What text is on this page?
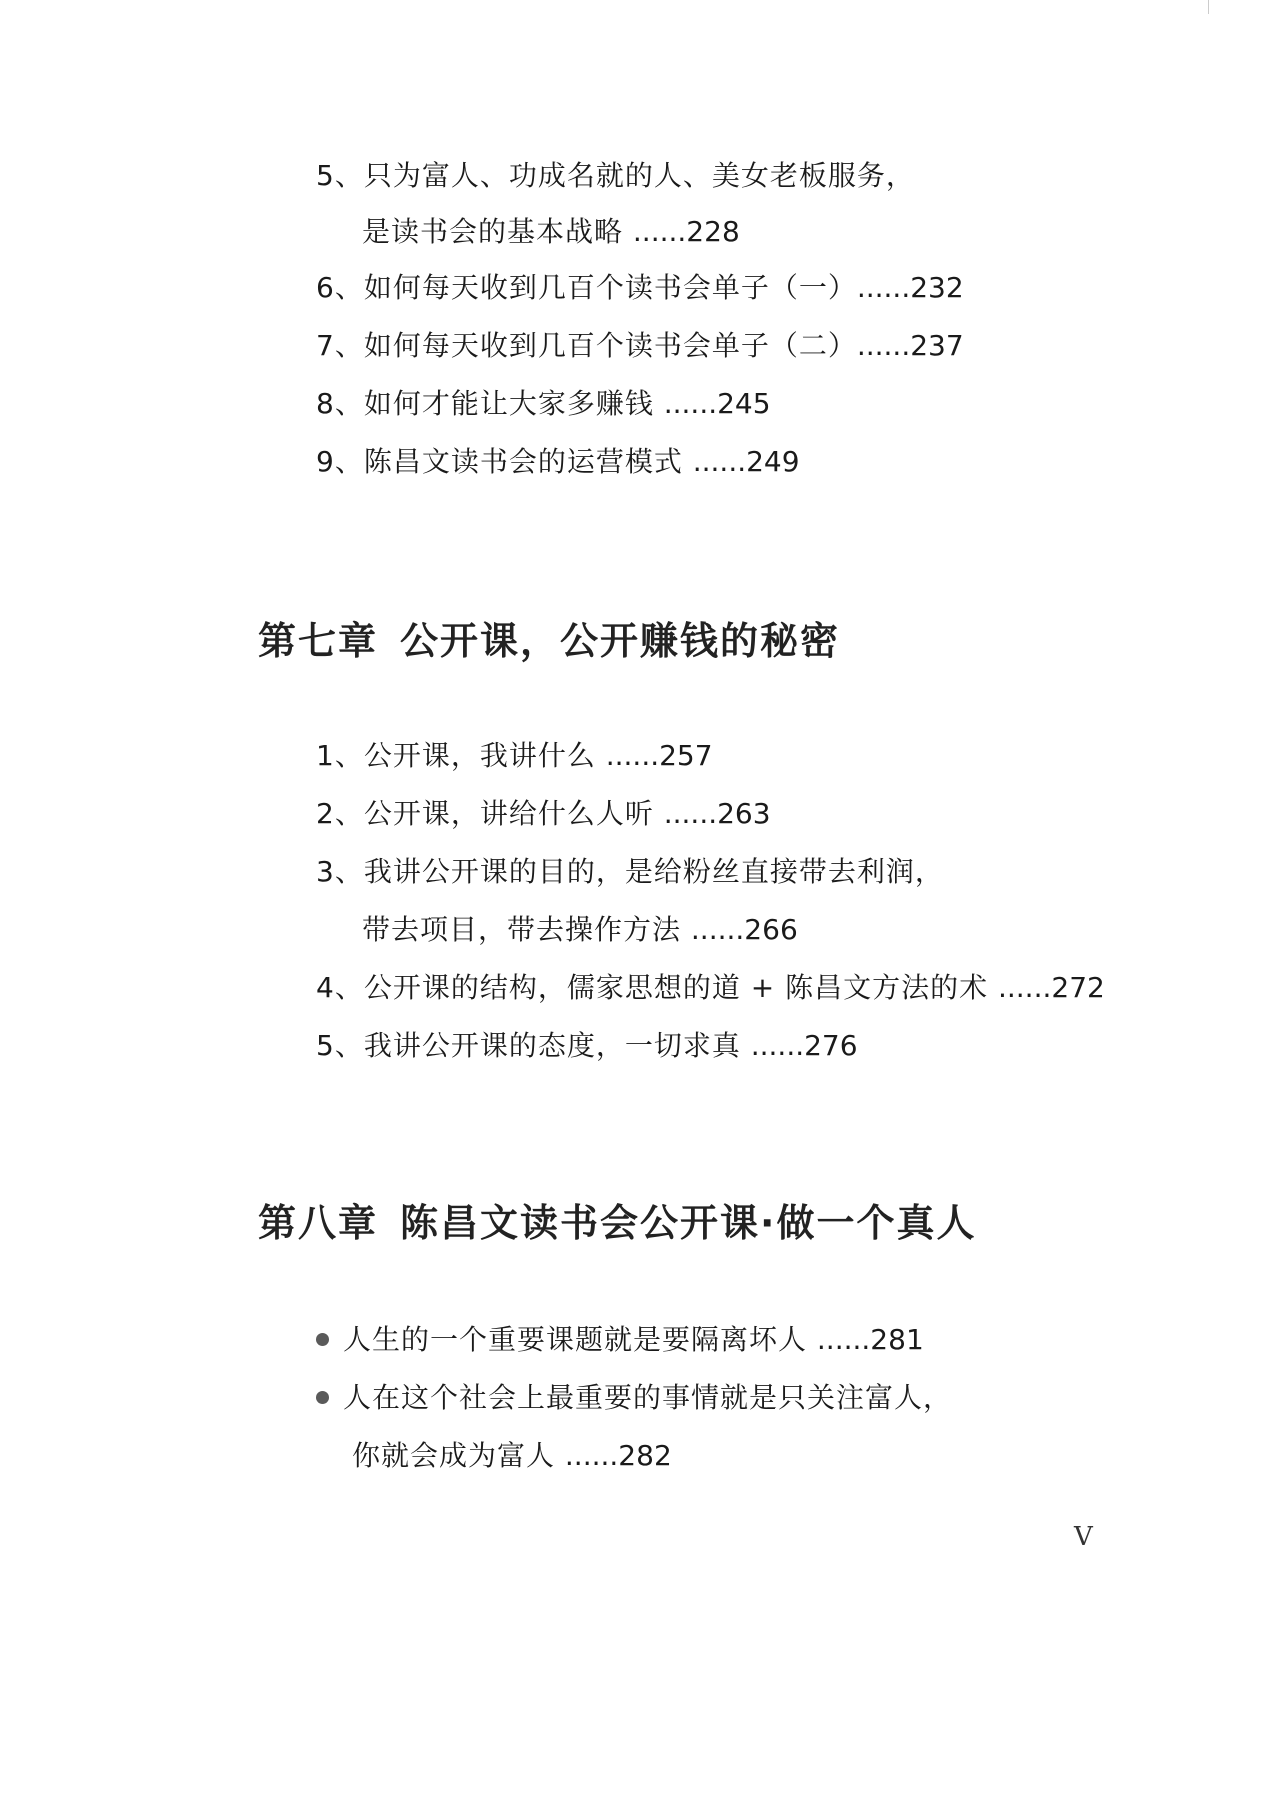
5、只为富人、功成名就的人、美女老板服务，
是读书会的基本战略 ......228
6、如何每天收到几百个读书会单子（一）......232
7、如何每天收到几百个读书会单子（二）......237
8、如何才能让大家多赚钱 ......245
9、陈昌文读书会的运营模式 ......249
第七章 公开课，公开赚钱的秘密
1、公开课，我讲什么 ......257
2、公开课，讲给什么人听 ......263
3、我讲公开课的目的，是给粉丝直接带去利润，
带去项目，带去操作方法 ......266
4、公开课的结构，儒家思想的道 + 陈昌文方法的术 ......272
5、我讲公开课的态度，一切求真 ......276
第八章 陈昌文读书会公开课·做一个真人
人生的一个重要课题就是要隔离坏人 ......281
人在这个社会上最重要的事情就是只关注富人，
你就会成为富人 ......282
V
